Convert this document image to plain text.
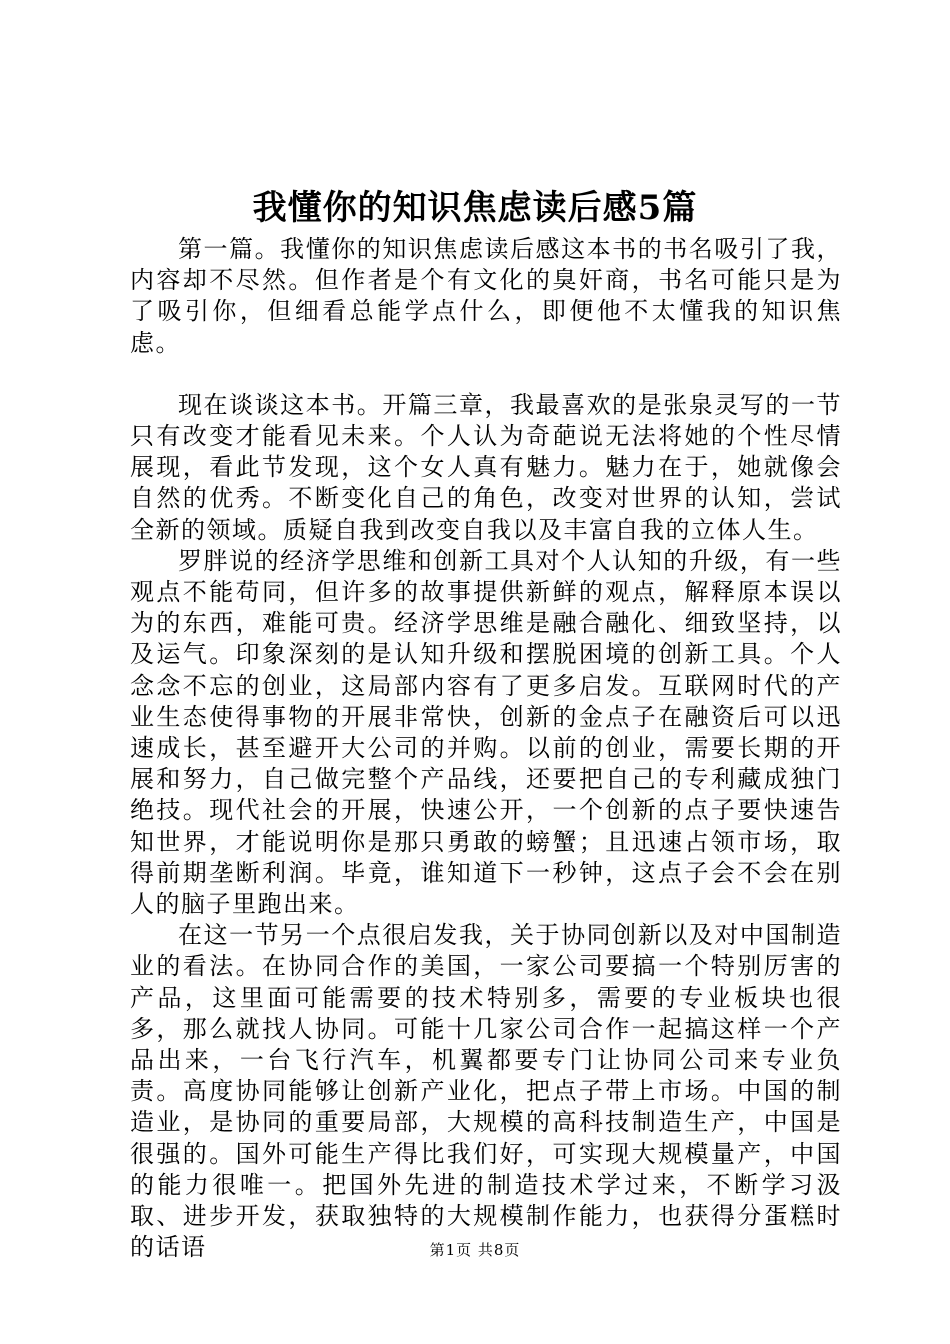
我懂你的知识焦虑读后感5篇

第一篇。我懂你的知识焦虑读后感这本书的书名吸引了我，内容却不尽然。但作者是个有文化的臭奸商，书名可能只是为了吸引你，但细看总能学点什么，即便他不太懂我的知识焦虑。

现在谈谈这本书。开篇三章，我最喜欢的是张泉灵写的一节只有改变才能看见未来。个人认为奇葩说无法将她的个性尽情展现，看此节发现，这个女人真有魅力。魅力在于，她就像会自然的优秀。不断变化自己的角色，改变对世界的认知，尝试全新的领域。质疑自我到改变自我以及丰富自我的立体人生。

罗胖说的经济学思维和创新工具对个人认知的升级，有一些观点不能苟同，但许多的故事提供新鲜的观点，解释原本误以为的东西，难能可贵。经济学思维是融合融化、细致坚持，以及运气。印象深刻的是认知升级和摆脱困境的创新工具。个人念念不忘的创业，这局部内容有了更多启发。互联网时代的产业生态使得事物的开展非常快，创新的金点子在融资后可以迅速成长，甚至避开大公司的并购。以前的创业，需要长期的开展和努力，自己做完整个产品线，还要把自己的专利藏成独门绝技。现代社会的开展，快速公开，一个创新的点子要快速告知世界，才能说明你是那只勇敢的螃蟹；且迅速占领市场，取得前期垄断利润。毕竟，谁知道下一秒钟，这点子会不会在别人的脑子里跑出来。

在这一节另一个点很启发我，关于协同创新以及对中国制造业的看法。在协同合作的美国，一家公司要搞一个特别厉害的产品，这里面可能需要的技术特别多，需要的专业板块也很多，那么就找人协同。可能十几家公司合作一起搞这样一个产品出来，一台飞行汽车，机翼都要专门让协同公司来专业负责。高度协同能够让创新产业化，把点子带上市场。中国的制造业，是协同的重要局部，大规模的高科技制造生产，中国是很强的。国外可能生产得比我们好，可实现大规模量产，中国的能力很唯一。把国外先进的制造技术学过来，不断学习汲取、进步开发，获取独特的大规模制作能力，也获得分蛋糕时的话语	第1页 共8页
